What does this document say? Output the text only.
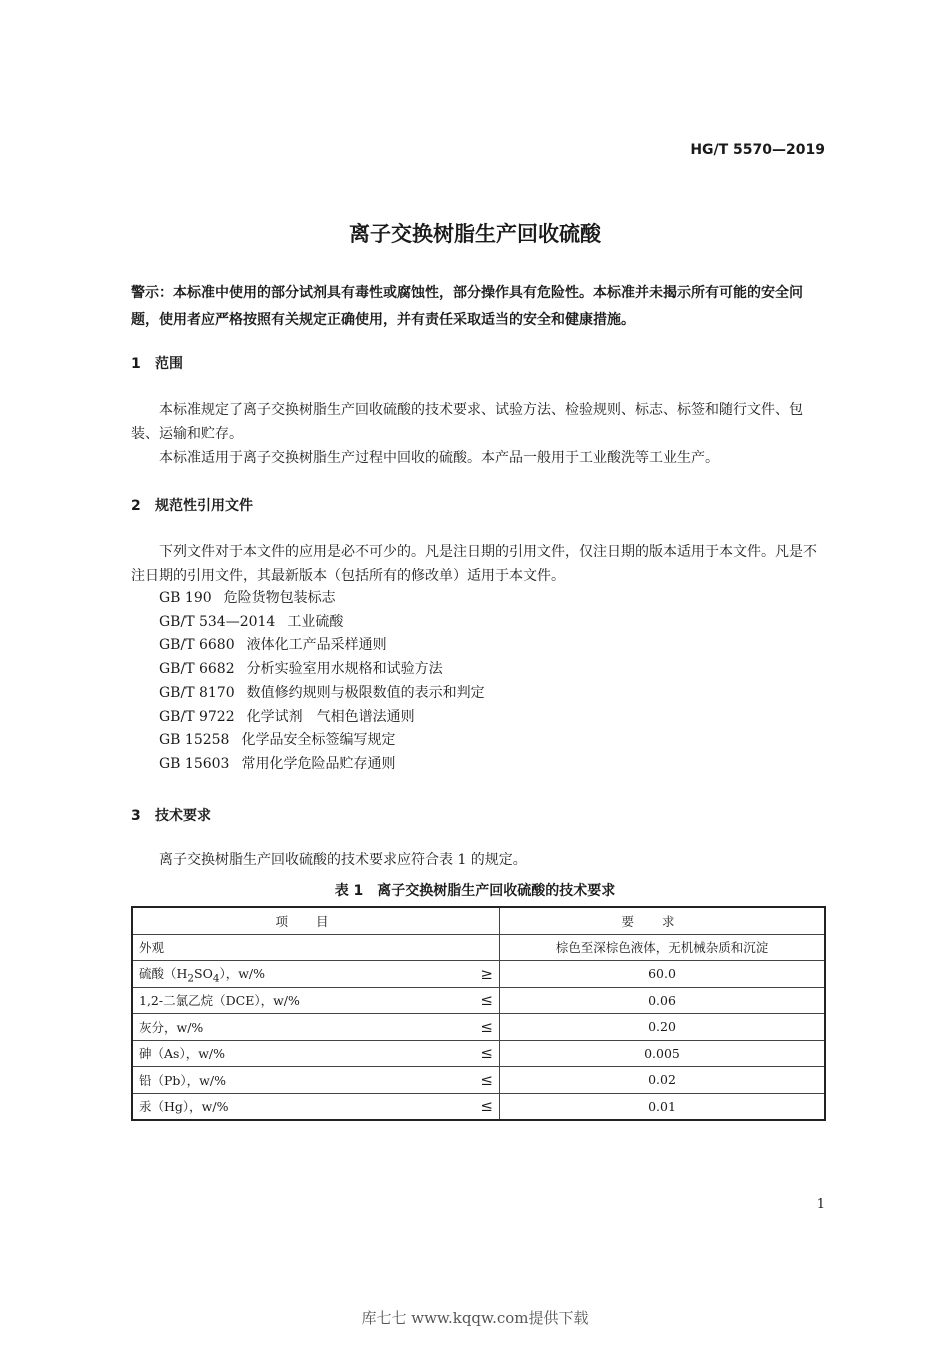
HG/T 5570—2019
离子交换树脂生产回收硫酸
警示：本标准中使用的部分试剂具有毒性或腐蚀性，部分操作具有危险性。本标准并未揭示所有可能的安全问题，使用者应严格按照有关规定正确使用，并有责任采取适当的安全和健康措施。
1 范围
本标准规定了离子交换树脂生产回收硫酸的技术要求、试验方法、检验规则、标志、标签和随行文件、包装、运输和贮存。
本标准适用于离子交换树脂生产过程中回收的硫酸。本产品一般用于工业酸洗等工业生产。
2 规范性引用文件
下列文件对于本文件的应用是必不可少的。凡是注日期的引用文件，仅注日期的版本适用于本文件。凡是不注日期的引用文件，其最新版本（包括所有的修改单）适用于本文件。
GB 190 危险货物包装标志
GB/T 534—2014 工业硫酸
GB/T 6680 液体化工产品采样通则
GB/T 6682 分析实验室用水规格和试验方法
GB/T 8170 数值修约规则与极限数值的表示和判定
GB/T 9722 化学试剂　气相色谱法通则
GB 15258 化学品安全标签编写规定
GB 15603 常用化学危险品贮存通则
3 技术要求
离子交换树脂生产回收硫酸的技术要求应符合表 1 的规定。
表 1　离子交换树脂生产回收硫酸的技术要求
项目		要求
外观		棕色至深棕色液体，无机械杂质和沉淀
硫酸$(H_2SO_4)$，w/%	≥	60.0
1,2-二氯乙烷（DCE），w/%	≤	0.06
灰分，w/%	≤	0.20
砷（As），w/%	≤	0.005
铅（Pb），w/%	≤	0.02
汞（Hg），w/%	≤	0.01
1
库七七 www.kqqw.com提供下载
